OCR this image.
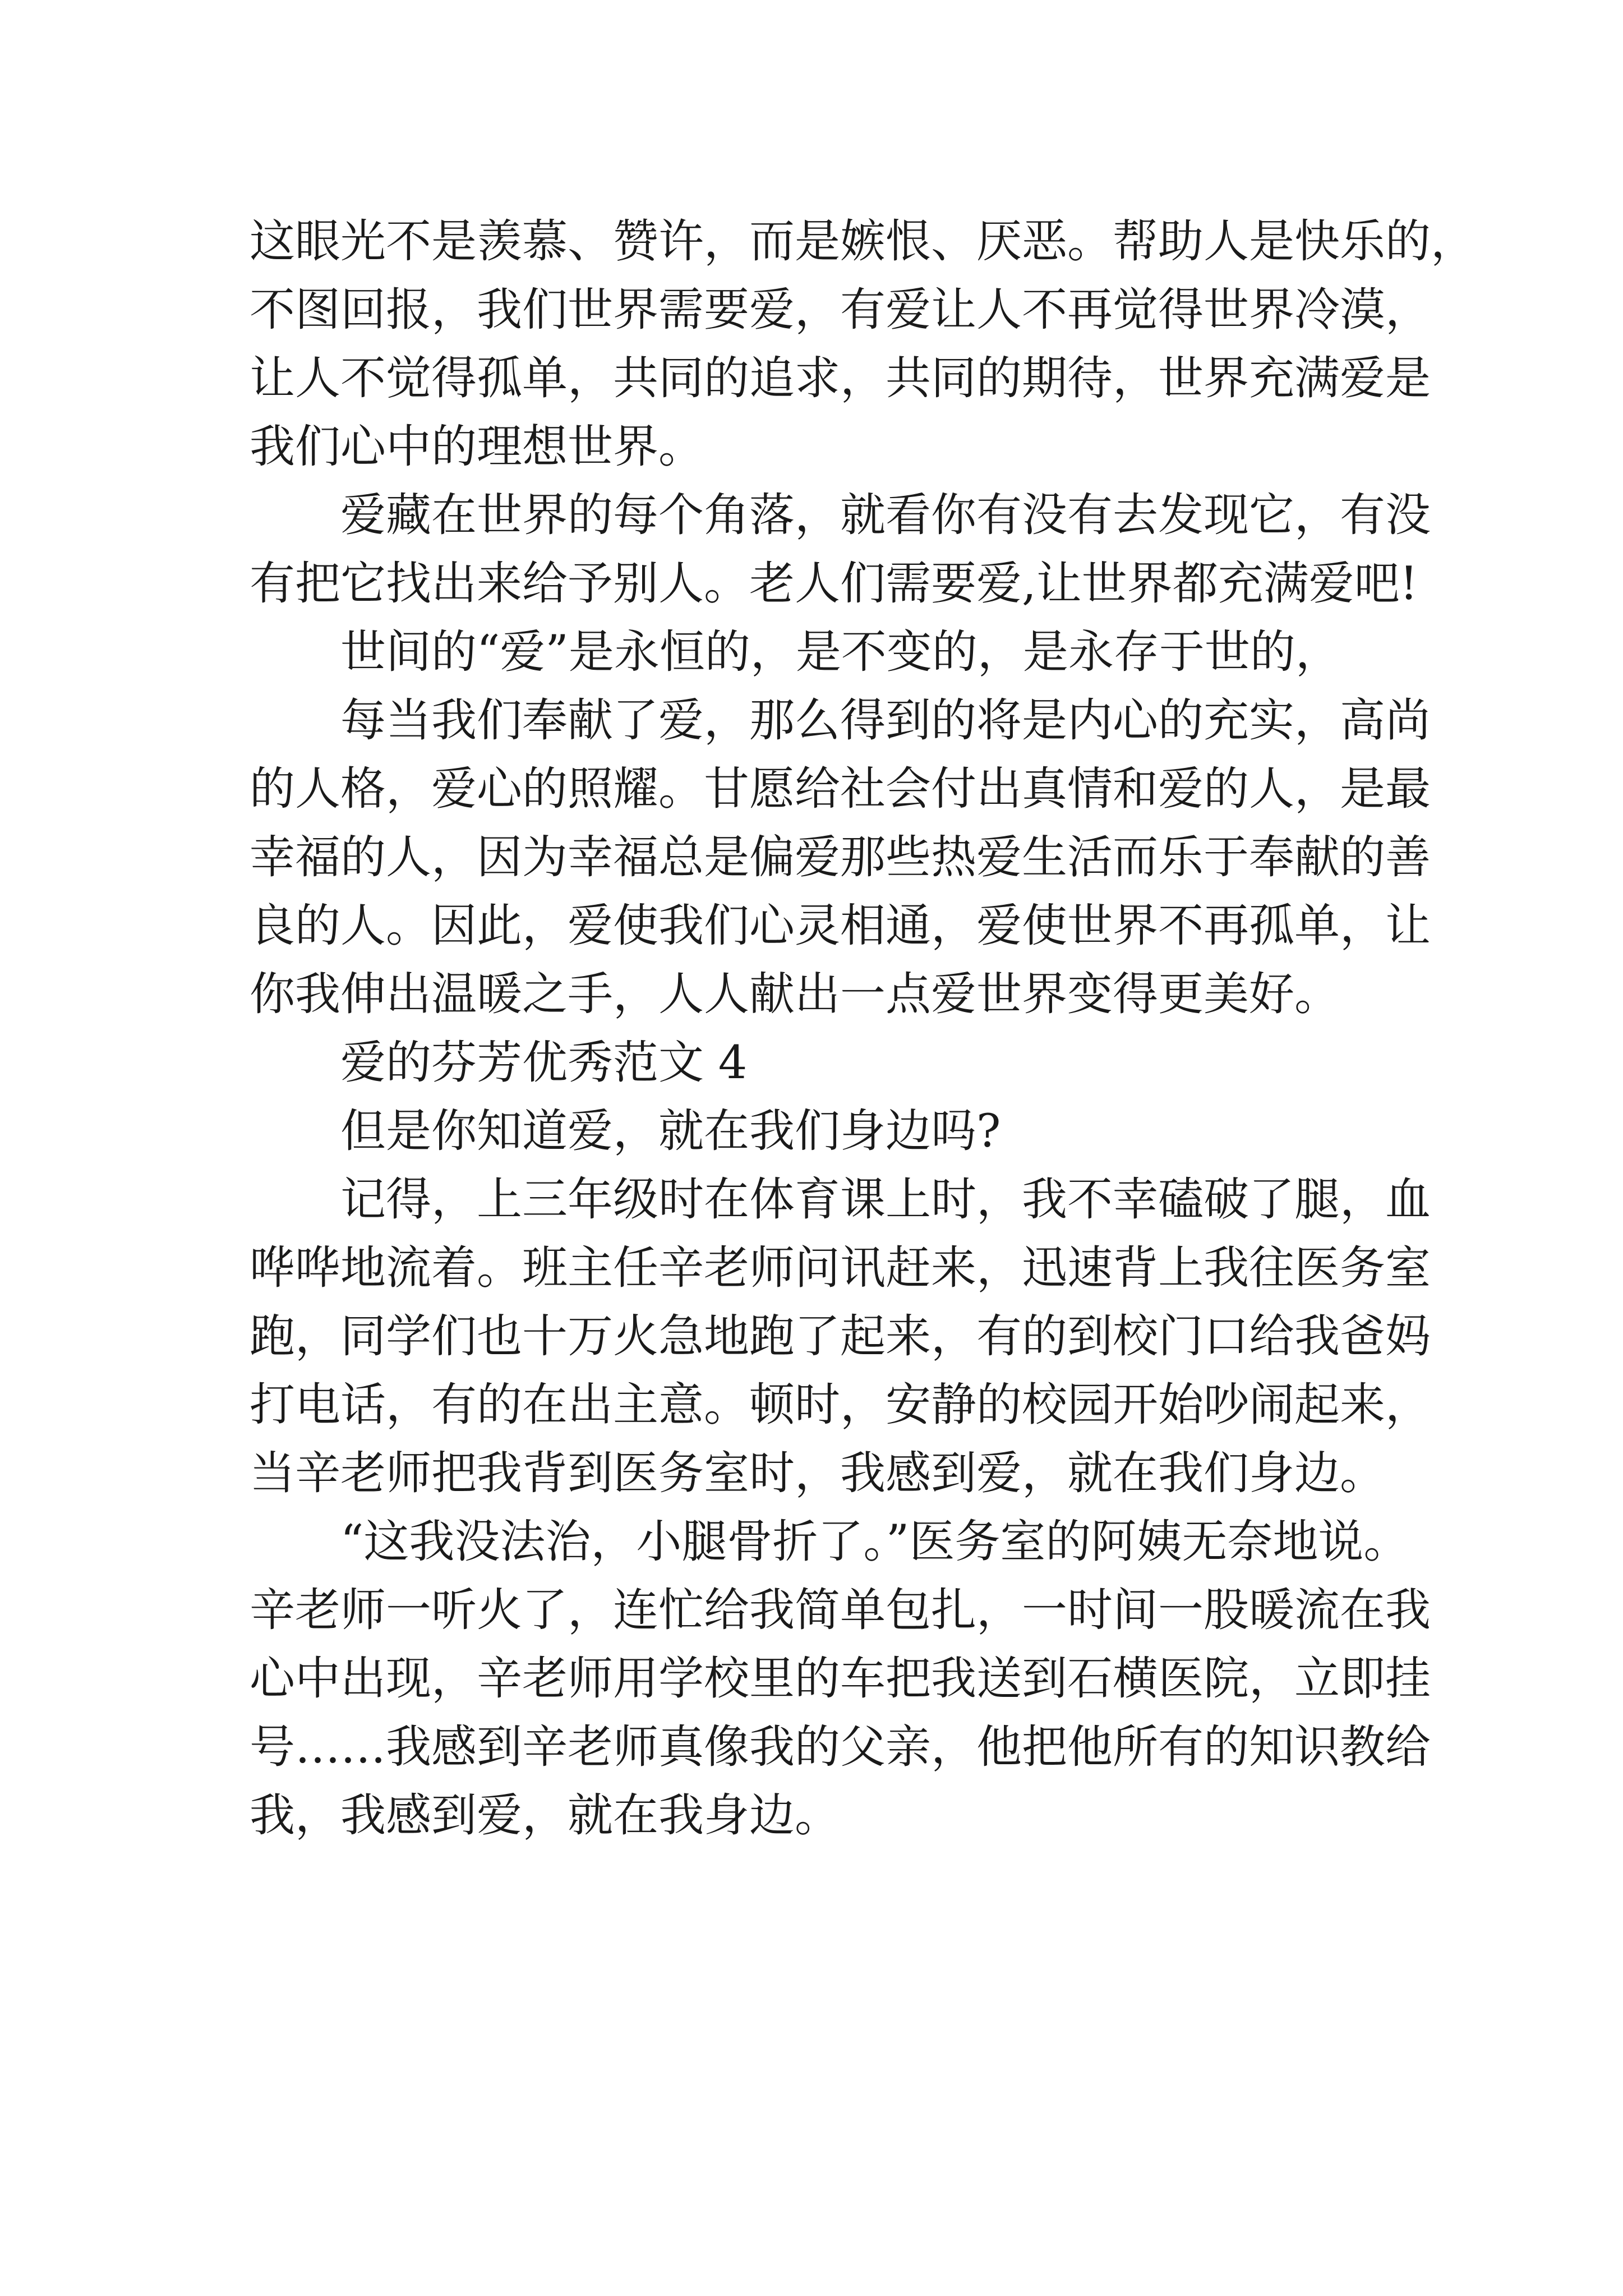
这眼光不是羡慕、赞许，而是嫉恨、厌恶。帮助人是快乐的，
不图回报，我们世界需要爱，有爱让人不再觉得世界冷漠，
让人不觉得孤单，共同的追求，共同的期待，世界充满爱是
我们心中的理想世界。
爱藏在世界的每个角落，就看你有没有去发现它，有没
有把它找出来给予别人。老人们需要爱,让世界都充满爱吧!
世间的“爱”是永恒的，是不变的，是永存于世的，
每当我们奉献了爱，那么得到的将是内心的充实，高尚
的人格，爱心的照耀。甘愿给社会付出真情和爱的人，是最
幸福的人，因为幸福总是偏爱那些热爱生活而乐于奉献的善
良的人。因此，爱使我们心灵相通，爱使世界不再孤单，让
你我伸出温暖之手，人人献出一点爱世界变得更美好。
爱的芬芳优秀范文 4
但是你知道爱，就在我们身边吗?
记得，上三年级时在体育课上时，我不幸磕破了腿，血
哗哗地流着。班主任辛老师问讯赶来，迅速背上我往医务室
跑，同学们也十万火急地跑了起来，有的到校门口给我爸妈
打电话，有的在出主意。顿时，安静的校园开始吵闹起来，
当辛老师把我背到医务室时，我感到爱，就在我们身边。
“这我没法治，小腿骨折了。”医务室的阿姨无奈地说。
辛老师一听火了，连忙给我简单包扎，一时间一股暖流在我
心中出现，辛老师用学校里的车把我送到石横医院，立即挂
号……我感到辛老师真像我的父亲，他把他所有的知识教给
我，我感到爱，就在我身边。
